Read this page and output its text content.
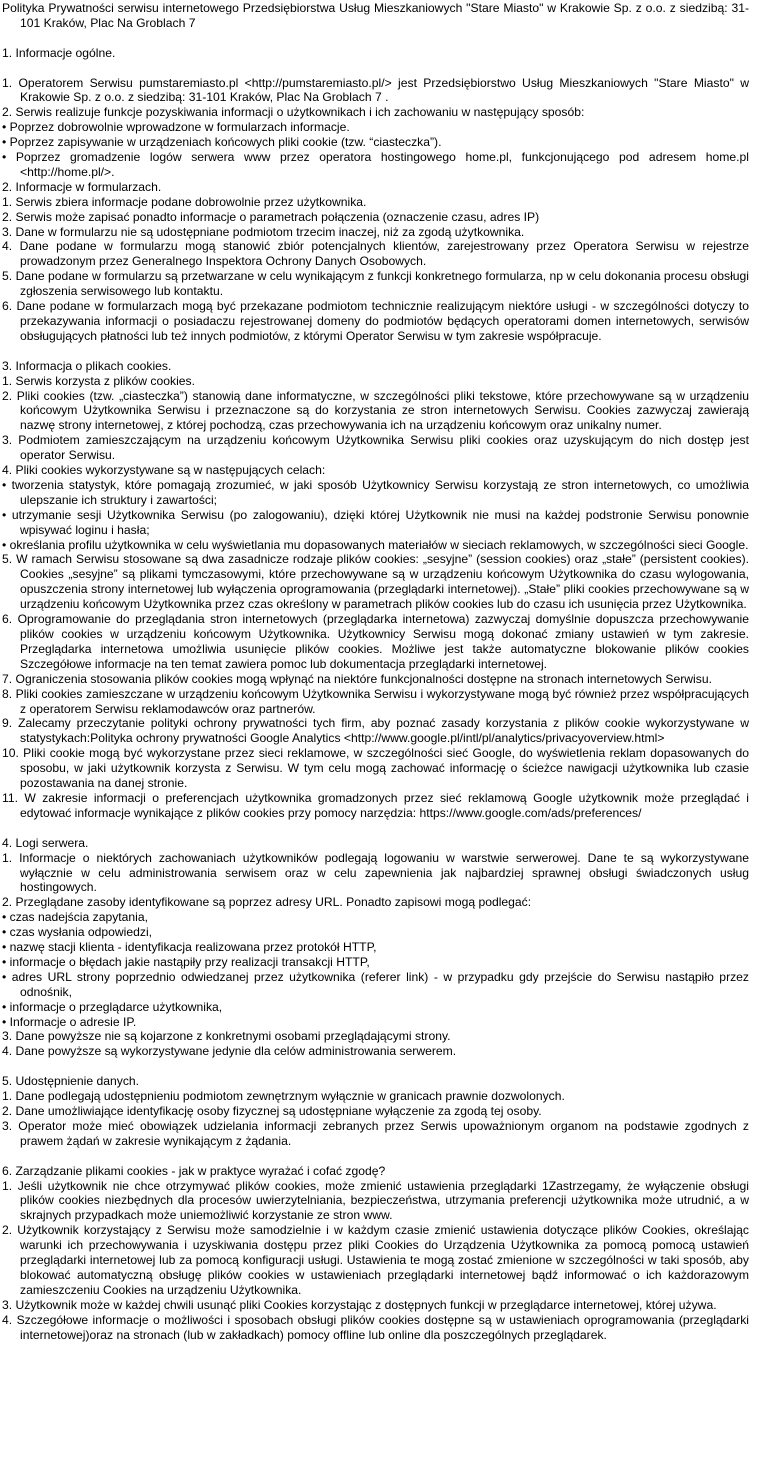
Polityka Prywatności serwisu internetowego Przedsiębiorstwa Usług Mieszkaniowych "Stare Miasto" w Krakowie Sp. z o.o. z siedzibą: 31-101 Kraków, Plac Na Groblach 7

1. Informacje ogólne.

1. Operatorem Serwisu pumstaremiasto.pl <http://pumstaremiasto.pl/> jest Przedsiębiorstwo Usług Mieszkaniowych "Stare Miasto" w Krakowie Sp. z o.o. z siedzibą: 31-101 Kraków, Plac Na Groblach 7 .

2. Serwis realizuje funkcje pozyskiwania informacji o użytkownikach i ich zachowaniu w następujący sposób:

• Poprzez dobrowolnie wprowadzone w formularzach informacje.

• Poprzez zapisywanie w urządzeniach końcowych pliki cookie (tzw. “ciasteczka”).

• Poprzez gromadzenie logów serwera www przez operatora hostingowego home.pl, funkcjonującego pod adresem home.pl <http://home.pl/>.

2. Informacje w formularzach.

1. Serwis zbiera informacje podane dobrowolnie przez użytkownika.

2. Serwis może zapisać ponadto informacje o parametrach połączenia (oznaczenie czasu, adres IP)

3. Dane w formularzu nie są udostępniane podmiotom trzecim inaczej, niż za zgodą użytkownika.

4. Dane podane w formularzu mogą stanowić zbiór potencjalnych klientów, zarejestrowany przez Operatora Serwisu w rejestrze prowadzonym przez Generalnego Inspektora Ochrony Danych Osobowych.

5. Dane podane w formularzu są przetwarzane w celu wynikającym z funkcji konkretnego formularza, np w celu dokonania procesu obsługi zgłoszenia serwisowego lub kontaktu.

6. Dane podane w formularzach mogą być przekazane podmiotom technicznie realizującym niektóre usługi - w szczególności dotyczy to przekazywania informacji o posiadaczu rejestrowanej domeny do podmiotów będących operatorami domen internetowych, serwisów obsługujących płatności lub też innych podmiotów, z którymi Operator Serwisu w tym zakresie współpracuje.

3. Informacja o plikach cookies.

1. Serwis korzysta z plików cookies.

2. Pliki cookies (tzw. „ciasteczka”) stanowią dane informatyczne, w szczególności pliki tekstowe, które przechowywane są w urządzeniu końcowym Użytkownika Serwisu i przeznaczone są do korzystania ze stron internetowych Serwisu. Cookies zazwyczaj zawierają nazwę strony internetowej, z której pochodzą, czas przechowywania ich na urządzeniu końcowym oraz unikalny numer.

3. Podmiotem zamieszczającym na urządzeniu końcowym Użytkownika Serwisu pliki cookies oraz uzyskującym do nich dostęp jest operator Serwisu.

4. Pliki cookies wykorzystywane są w następujących celach:

• tworzenia statystyk, które pomagają zrozumieć, w jaki sposób Użytkownicy Serwisu korzystają ze stron internetowych, co umożliwia ulepszanie ich struktury i zawartości;

• utrzymanie sesji Użytkownika Serwisu (po zalogowaniu), dzięki której Użytkownik nie musi na każdej podstronie Serwisu ponownie wpisywać loginu i hasła;

• określania profilu użytkownika w celu wyświetlania mu dopasowanych materiałów w sieciach reklamowych, w szczególności sieci Google.

5. W ramach Serwisu stosowane są dwa zasadnicze rodzaje plików cookies: „sesyjne” (session cookies) oraz „stałe” (persistent cookies). Cookies „sesyjne” są plikami tymczasowymi, które przechowywane są w urządzeniu końcowym Użytkownika do czasu wylogowania, opuszczenia strony internetowej lub wyłączenia oprogramowania (przeglądarki internetowej). „Stałe” pliki cookies przechowywane są w urządzeniu końcowym Użytkownika przez czas określony w parametrach plików cookies lub do czasu ich usunięcia przez Użytkownika.

6. Oprogramowanie do przeglądania stron internetowych (przeglądarka internetowa) zazwyczaj domyślnie dopuszcza przechowywanie plików cookies w urządzeniu końcowym Użytkownika. Użytkownicy Serwisu mogą dokonać zmiany ustawień w tym zakresie. Przeglądarka internetowa umożliwia usunięcie plików cookies. Możliwe jest także automatyczne blokowanie plików cookies Szczegółowe informacje na ten temat zawiera pomoc lub dokumentacja przeglądarki internetowej.

7. Ograniczenia stosowania plików cookies mogą wpłynąć na niektóre funkcjonalności dostępne na stronach internetowych Serwisu.

8. Pliki cookies zamieszczane w urządzeniu końcowym Użytkownika Serwisu i wykorzystywane mogą być również przez współpracujących z operatorem Serwisu reklamodawców oraz partnerów.

9. Zalecamy przeczytanie polityki ochrony prywatności tych firm, aby poznać zasady korzystania z plików cookie wykorzystywane w statystykach:Polityka ochrony prywatności Google Analytics <http://www.google.pl/intl/pl/analytics/privacyoverview.html>

10. Pliki cookie mogą być wykorzystane przez sieci reklamowe, w szczególności sieć Google, do wyświetlenia reklam dopasowanych do sposobu, w jaki użytkownik korzysta z Serwisu. W tym celu mogą zachować informację o ścieżce nawigacji użytkownika lub czasie pozostawania na danej stronie.

11. W zakresie informacji o preferencjach użytkownika gromadzonych przez sieć reklamową Google użytkownik może przeglądać i edytować informacje wynikające z plików cookies przy pomocy narzędzia: https://www.google.com/ads/preferences/

4. Logi serwera.

1. Informacje o niektórych zachowaniach użytkowników podlegają logowaniu w warstwie serwerowej. Dane te są wykorzystywane wyłącznie w celu administrowania serwisem oraz w celu zapewnienia jak najbardziej sprawnej obsługi świadczonych usług hostingowych.

2. Przeglądane zasoby identyfikowane są poprzez adresy URL. Ponadto zapisowi mogą podlegać:

• czas nadejścia zapytania,

• czas wysłania odpowiedzi,

• nazwę stacji klienta - identyfikacja realizowana przez protokół HTTP,

• informacje o błędach jakie nastąpiły przy realizacji transakcji HTTP,

• adres URL strony poprzednio odwiedzanej przez użytkownika (referer link) - w przypadku gdy przejście do Serwisu nastąpiło przez odnośnik,

• informacje o przeglądarce użytkownika,

• Informacje o adresie IP.

3. Dane powyższe nie są kojarzone z konkretnymi osobami przeglądającymi strony.

4. Dane powyższe są wykorzystywane jedynie dla celów administrowania serwerem.

5. Udostępnienie danych.

1. Dane podlegają udostępnieniu podmiotom zewnętrznym wyłącznie w granicach prawnie dozwolonych.

2. Dane umożliwiające identyfikację osoby fizycznej są udostępniane wyłączenie za zgodą tej osoby.

3. Operator może mieć obowiązek udzielania informacji zebranych przez Serwis upoważnionym organom na podstawie zgodnych z prawem żądań w zakresie wynikającym z żądania.

6. Zarządzanie plikami cookies - jak w praktyce wyrażać i cofać zgodę?

1. Jeśli użytkownik nie chce otrzymywać plików cookies, może zmienić ustawienia przeglądarki 1Zastrzegamy, że wyłączenie obsługi plików cookies niezbędnych dla procesów uwierzytelniania, bezpieczeństwa, utrzymania preferencji użytkownika może utrudnić, a w skrajnych przypadkach może uniemożliwić korzystanie ze stron www.

2. Użytkownik korzystający z Serwisu może samodzielnie i w każdym czasie zmienić ustawienia dotyczące plików Cookies, określając warunki ich przechowywania i uzyskiwania dostępu przez pliki Cookies do Urządzenia Użytkownika za pomocą pomocą ustawień przeglądarki internetowej lub za pomocą konfiguracji usługi. Ustawienia te mogą zostać zmienione w szczególności w taki sposób, aby blokować automatyczną obsługę plików cookies w ustawieniach przeglądarki internetowej bądź informować o ich każdorazowym zamieszczeniu Cookies na urządzeniu Użytkownika.

3. Użytkownik może w każdej chwili usunąć pliki Cookies korzystając z dostępnych funkcji w przeglądarce internetowej, której używa.

4. Szczegółowe informacje o możliwości i sposobach obsługi plików cookies dostępne są w ustawieniach oprogramowania (przeglądarki internetowej)oraz na stronach (lub w zakładkach) pomocy offline lub online dla poszczególnych przeglądarek.
